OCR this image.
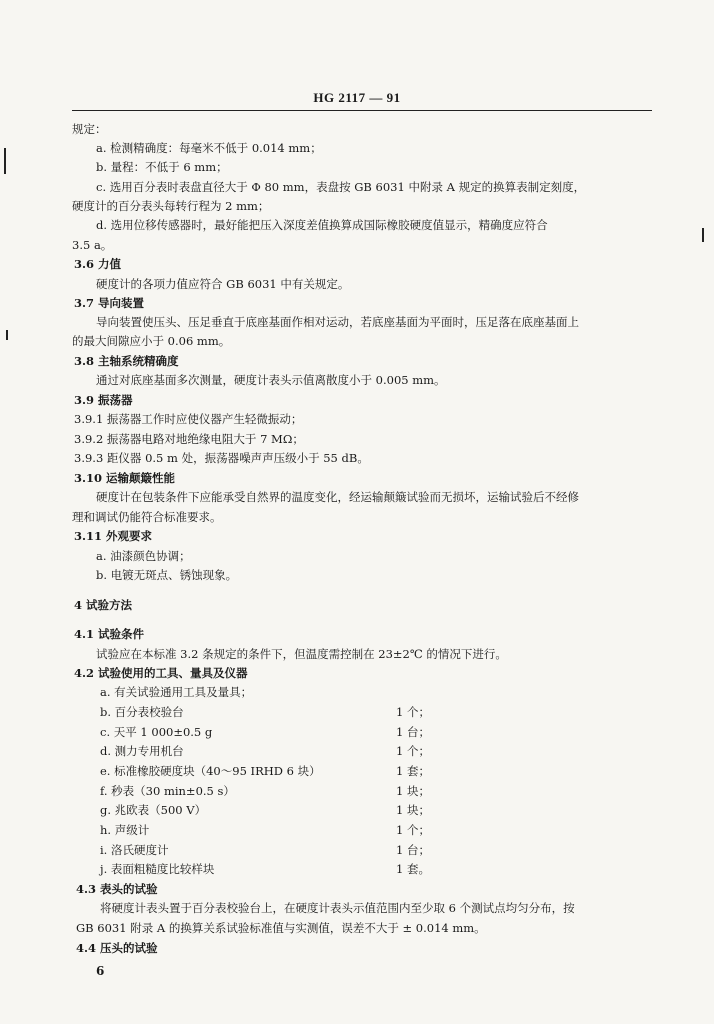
HG 2117 — 91
规定：
a. 检测精确度：每毫米不低于 0.014 mm；
b. 量程：不低于 6 mm；
c. 选用百分表时表盘直径大于 Φ 80 mm，表盘按 GB 6031 中附录 A 规定的换算表制定刻度，
硬度计的百分表头每转行程为 2 mm；
d. 选用位移传感器时，最好能把压入深度差值换算成国际橡胶硬度值显示，精确度应符合
3.5 a。
3.6 力值
硬度计的各项力值应符合 GB 6031 中有关规定。
3.7 导向装置
导向装置使压头、压足垂直于底座基面作相对运动，若底座基面为平面时，压足落在底座基面上
的最大间隙应小于 0.06 mm。
3.8 主轴系统精确度
通过对底座基面多次测量，硬度计表头示值离散度小于 0.005 mm。
3.9 振荡器
3.9.1 振荡器工作时应使仪器产生轻微振动；
3.9.2 振荡器电路对地绝缘电阻大于 7 MΩ；
3.9.3 距仪器 0.5 m 处，振荡器噪声声压级小于 55 dB。
3.10 运输颠簸性能
硬度计在包装条件下应能承受自然界的温度变化，经运输颠簸试验而无损坏，运输试验后不经修
理和调试仍能符合标准要求。
3.11 外观要求
a. 油漆颜色协调；
b. 电镀无斑点、锈蚀现象。
4 试验方法
4.1 试验条件
试验应在本标准 3.2 条规定的条件下，但温度需控制在 23±2℃ 的情况下进行。
4.2 试验使用的工具、量具及仪器
a. 有关试验通用工具及量具；
b. 百分表校验台	1 个；
c. 天平 1 000±0.5 g	1 台；
d. 测力专用机台	1 个；
e. 标准橡胶硬度块（40～95 IRHD 6 块）	1 套；
f. 秒表（30 min±0.5 s）	1 块；
g. 兆欧表（500 V）	1 块；
h. 声级计	1 个；
i. 洛氏硬度计	1 台；
j. 表面粗糙度比较样块	1 套。
4.3 表头的试验
将硬度计表头置于百分表校验台上，在硬度计表头示值范围内至少取 6 个测试点均匀分布，按
GB 6031 附录 A 的换算关系试验标准值与实测值，误差不大于 ± 0.014 mm。
4.4 压头的试验
6
